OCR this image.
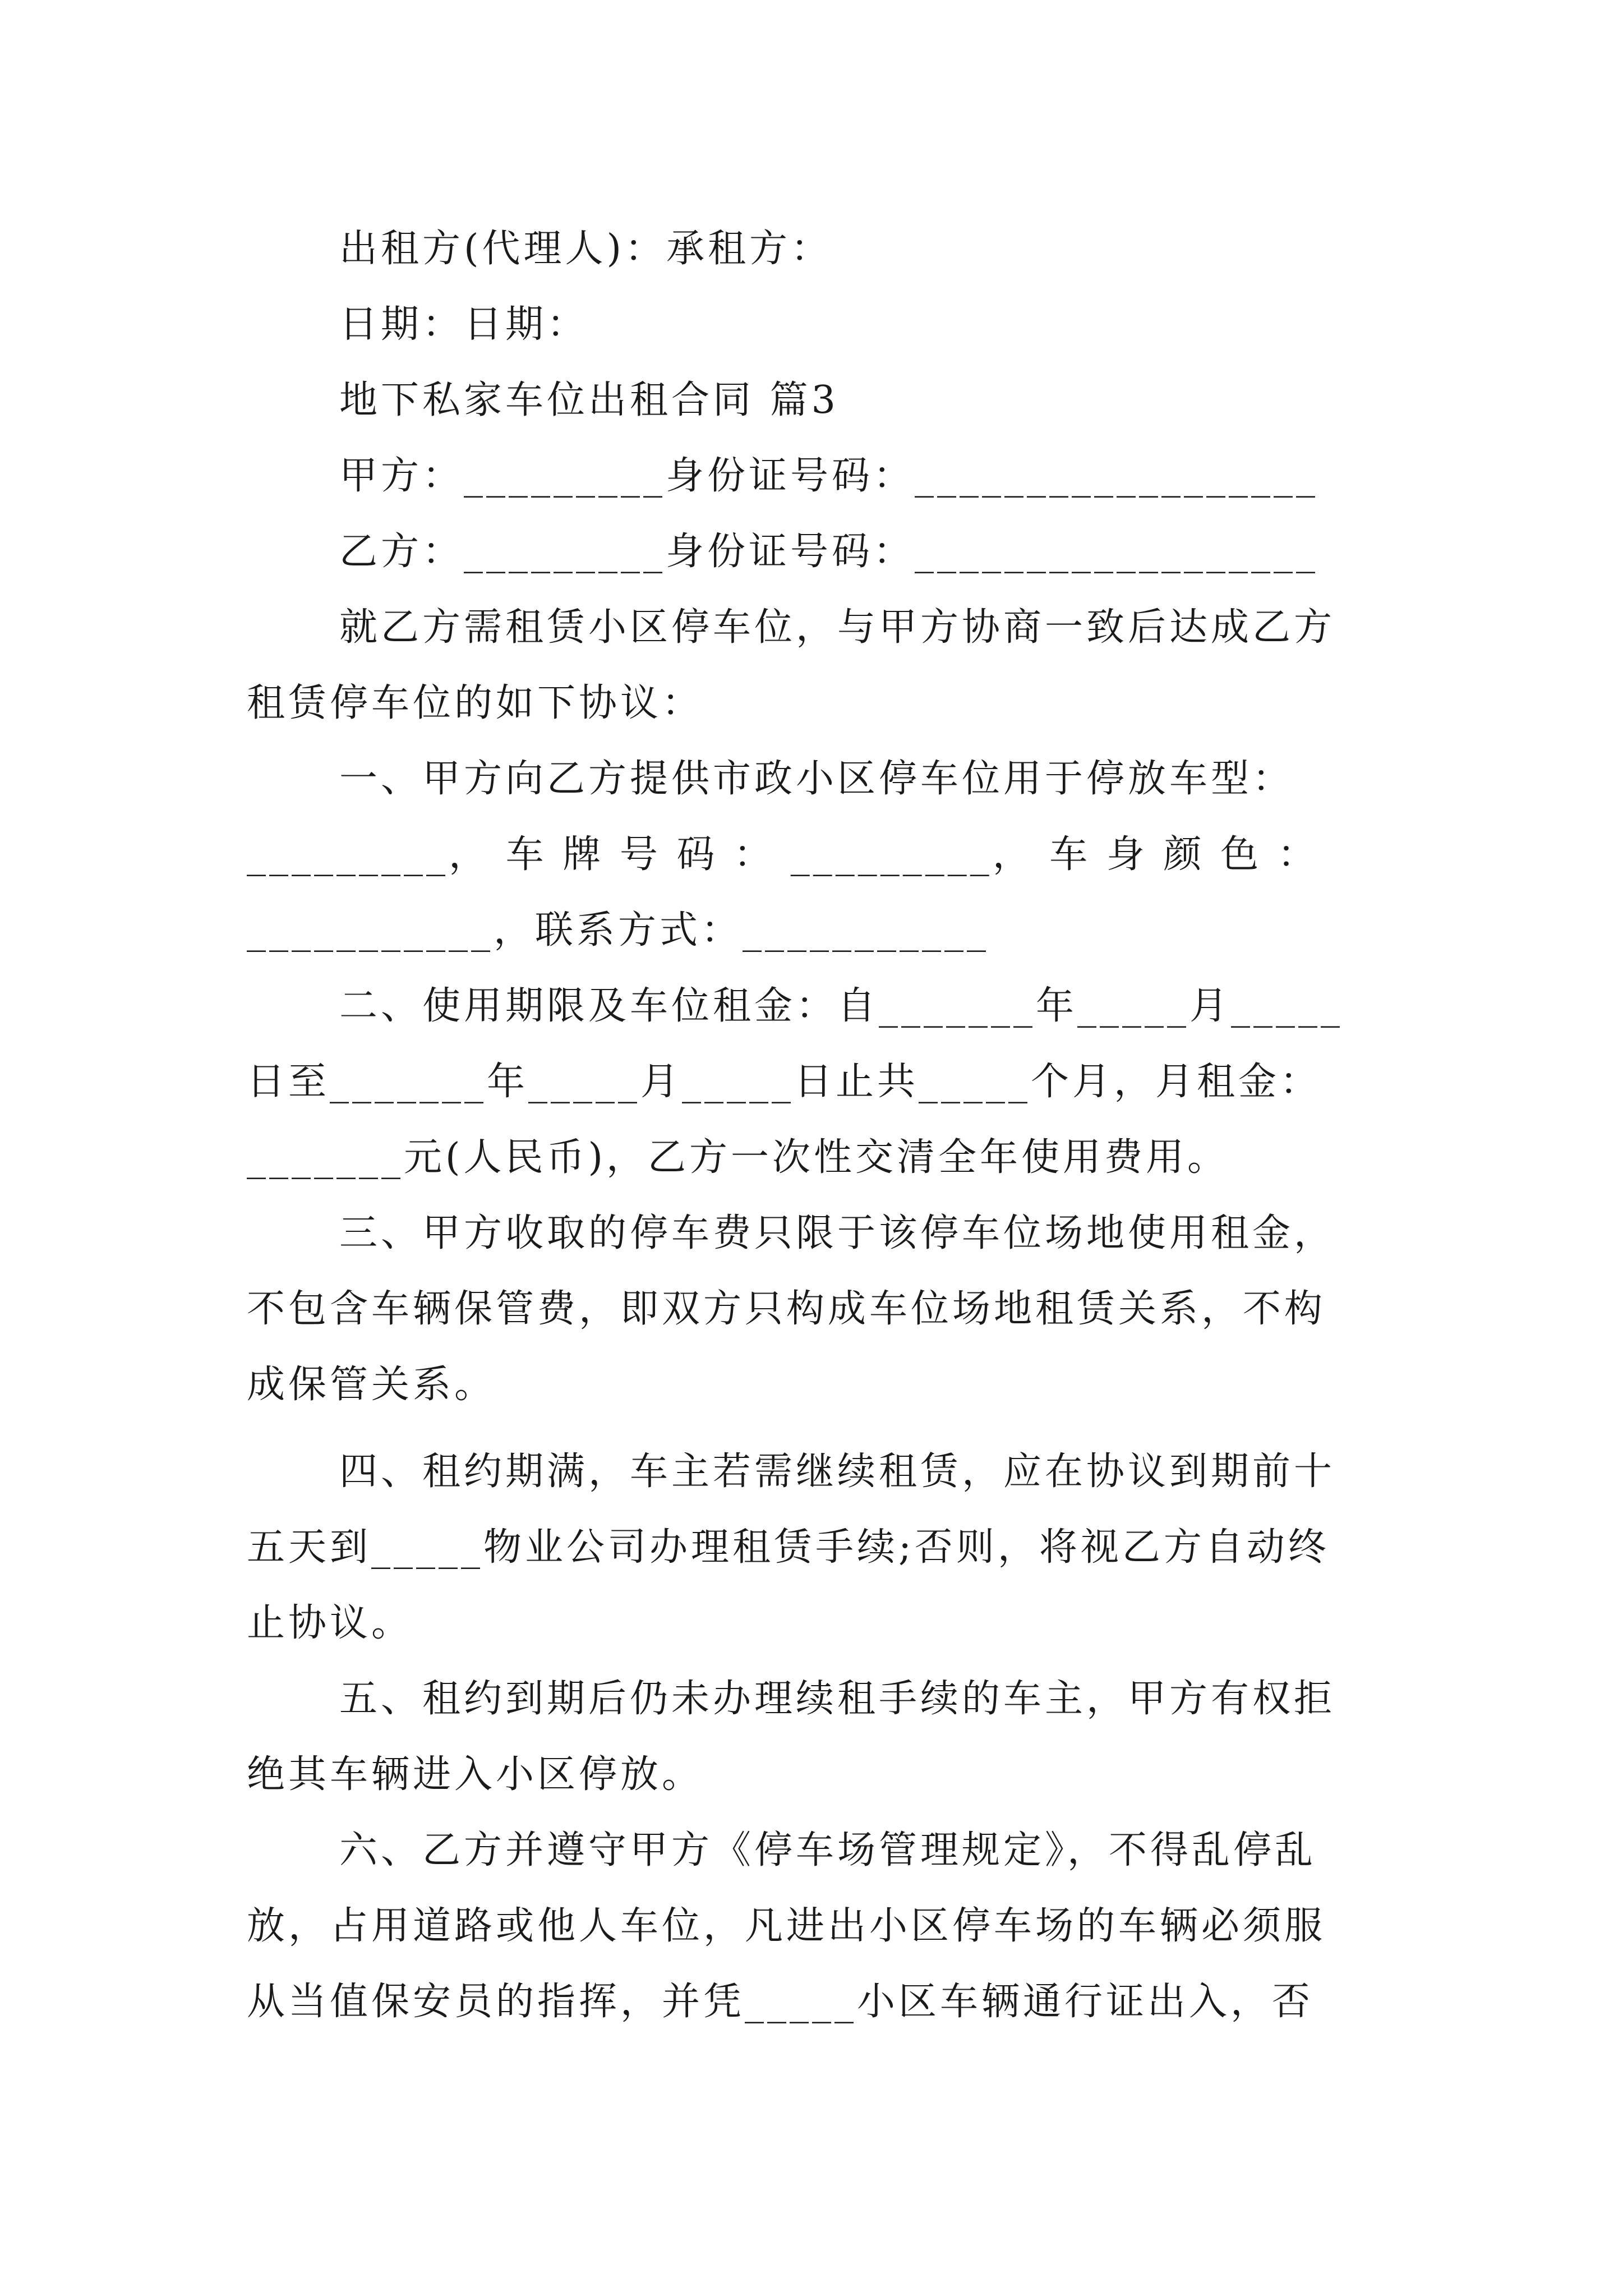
出租方(代理人)：承租方：
日期：日期：
地下私家车位出租合同 篇3
甲方：_________身份证号码：__________________
乙方：_________身份证号码：__________________
就乙方需租赁小区停车位，与甲方协商一致后达成乙方
租赁停车位的如下协议：
一、甲方向乙方提供市政小区停车位用于停放车型：
_________， 车 牌 号 码 ： _________， 车 身 颜 色 ：
___________，联系方式：___________
二、使用期限及车位租金：自_______年_____月_____
日至_______年_____月_____日止共_____个月，月租金：
_______元(人民币)，乙方一次性交清全年使用费用。
三、甲方收取的停车费只限于该停车位场地使用租金，
不包含车辆保管费，即双方只构成车位场地租赁关系，不构
成保管关系。
四、租约期满，车主若需继续租赁，应在协议到期前十
五天到_____物业公司办理租赁手续;否则，将视乙方自动终
止协议。
五、租约到期后仍未办理续租手续的车主，甲方有权拒
绝其车辆进入小区停放。
六、乙方并遵守甲方《停车场管理规定》，不得乱停乱
放，占用道路或他人车位，凡进出小区停车场的车辆必须服
从当值保安员的指挥，并凭_____小区车辆通行证出入，否
